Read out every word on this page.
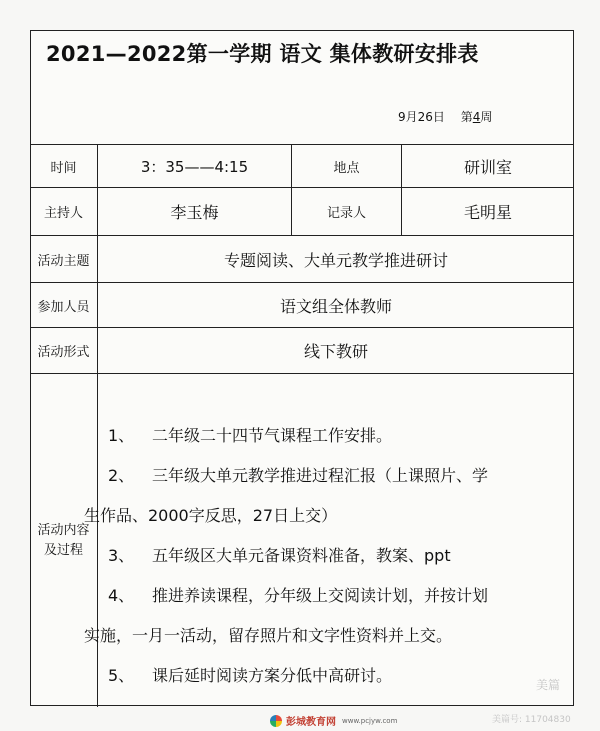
2021—2022第一学期 语文 集体教研安排表
9月26日 第4周
时间	3：35——4:15	地点	研训室
主持人	李玉梅	记录人	毛明星
活动主题	专题阅读、大单元教学推进研讨
参加人员	语文组全体教师
活动形式	线下教研
活动内容
及过程
1、 二年级二十四节气课程工作安排。
2、 三年级大单元教学推进过程汇报（上课照片、学
生作品、2000字反思，27日上交）
3、 五年级区大单元备课资料准备，教案、ppt
4、 推进养读课程，分年级上交阅读计划，并按计划
实施，一月一活动，留存照片和文字性资料并上交。
5、 课后延时阅读方案分低中高研讨。
彭城教育网 www.pcjyw.com
美篇
美篇号: 11704830
